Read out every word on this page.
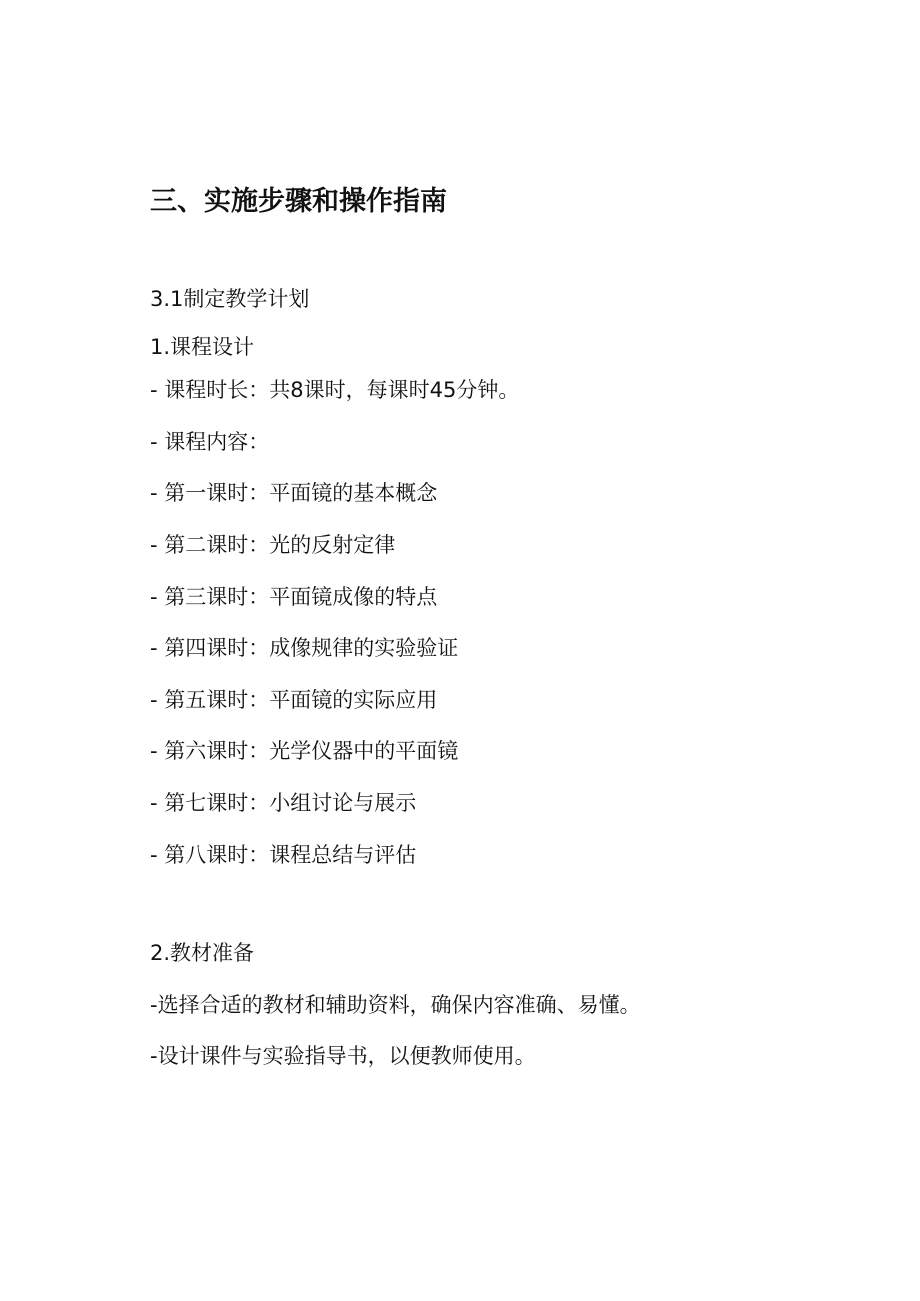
三、实施步骤和操作指南
3.1制定教学计划
1.课程设计
- 课程时长：共8课时，每课时45分钟。
- 课程内容：
- 第一课时：平面镜的基本概念
- 第二课时：光的反射定律
- 第三课时：平面镜成像的特点
- 第四课时：成像规律的实验验证
- 第五课时：平面镜的实际应用
- 第六课时：光学仪器中的平面镜
- 第七课时：小组讨论与展示
- 第八课时：课程总结与评估
2.教材准备
-选择合适的教材和辅助资料，确保内容准确、易懂。
-设计课件与实验指导书，以便教师使用。
